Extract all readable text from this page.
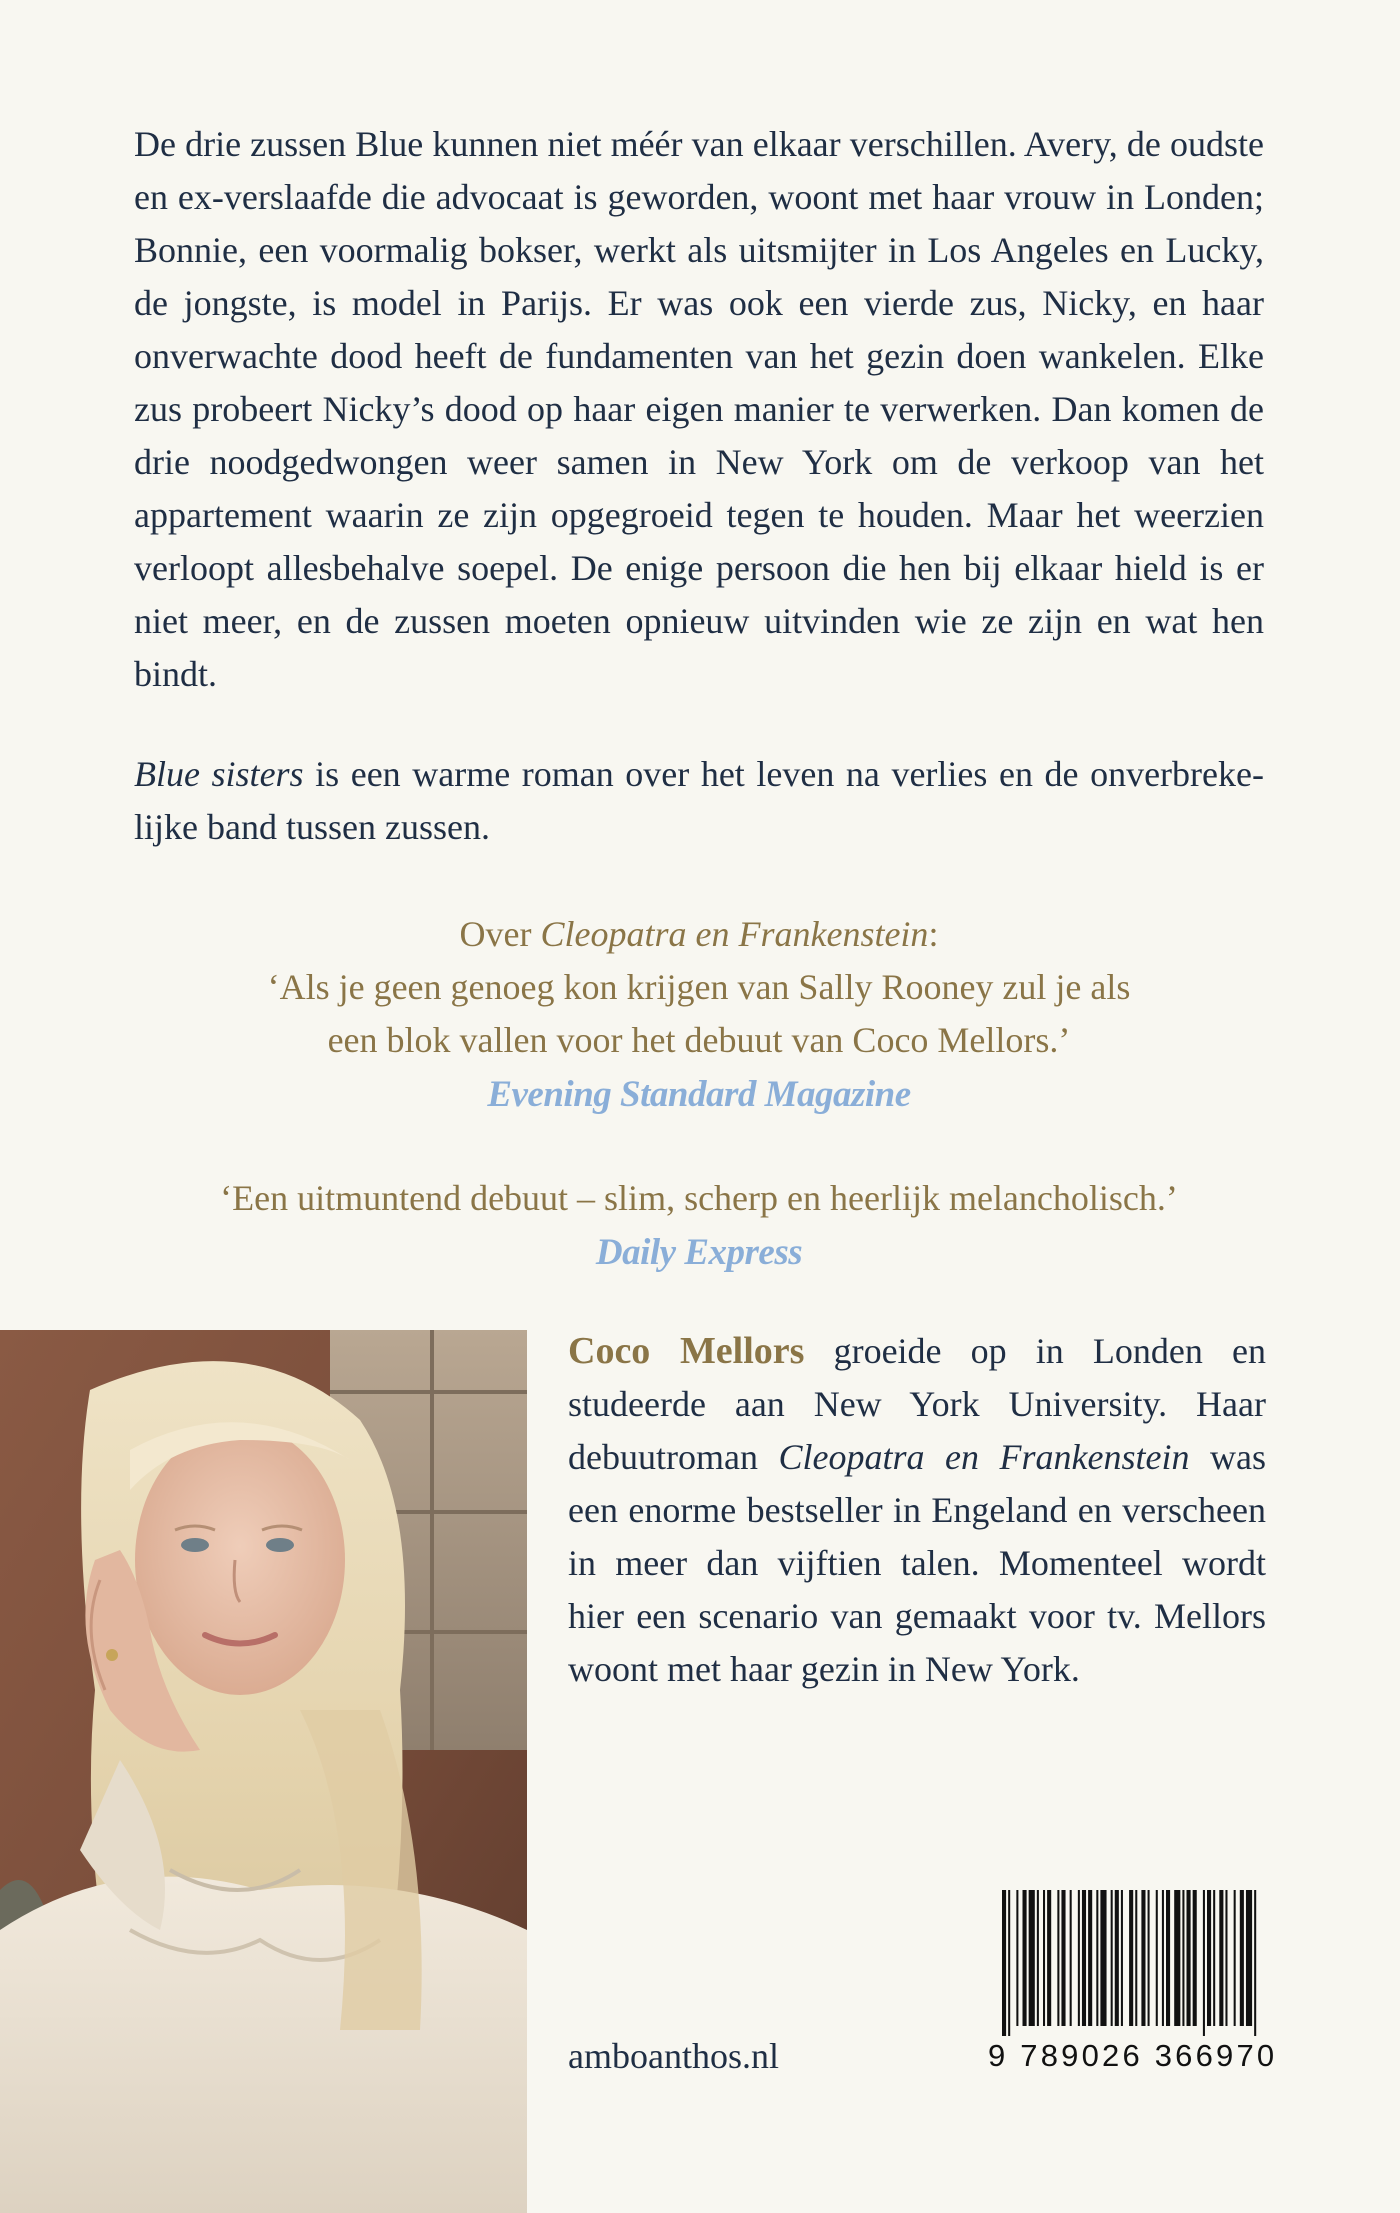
De drie zussen Blue kunnen niet méér van elkaar verschillen. Avery, de oudste en ex-verslaafde die advocaat is geworden, woont met haar vrouw in Londen; Bonnie, een voormalig bokser, werkt als uitsmijter in Los Angeles en Lucky, de jongste, is model in Parijs. Er was ook een vierde zus, Nicky, en haar onverwachte dood heeft de fundamenten van het gezin doen wankelen. Elke zus probeert Nicky’s dood op haar eigen manier te verwerken. Dan komen de drie noodgedwongen weer samen in New York om de verkoop van het appartement waarin ze zijn opgegroeid tegen te houden. Maar het weerzien verloopt allesbehalve soepel. De enige persoon die hen bij elkaar hield is er niet meer, en de zussen moeten opnieuw uitvinden wie ze zijn en wat hen bindt.

Blue sisters is een warme roman over het leven na verlies en de onverbrekelijke band tussen zussen.

Over Cleopatra en Frankenstein:
‘Als je geen genoeg kon krijgen van Sally Rooney zul je als
een blok vallen voor het debuut van Coco Mellors.’
Evening Standard Magazine
‘Een uitmuntend debuut – slim, scherp en heerlijk melancholisch.’
Daily Express

Coco Mellors groeide op in Londen en studeerde aan New York University. Haar debuutroman Cleopatra en Frankenstein was een enorme bestseller in Engeland en verscheen in meer dan vijftien talen. Momenteel wordt hier een scenario van gemaakt voor tv. Mellors woont met haar gezin in New York.

amboanthos.nl	9 789026 366970
